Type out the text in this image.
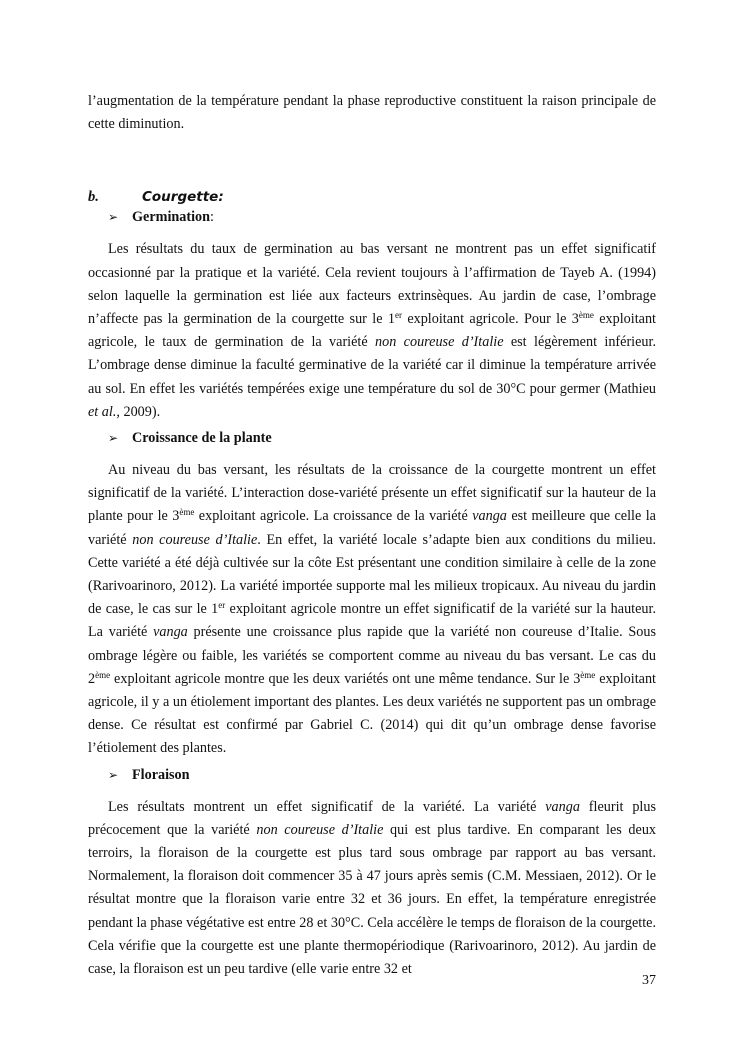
l’augmentation de la température pendant la phase reproductive constituent la raison principale de cette diminution.

b.	Courgette:
➢ Germination :

Les résultats du taux de germination au bas versant ne montrent pas un effet significatif occasionné par la pratique et la variété. Cela revient toujours à l’affirmation de Tayeb A. (1994) selon laquelle la germination est liée aux facteurs extrinsèques. Au jardin de case, l’ombrage n’affecte pas la germination de la courgette sur le 1er exploitant agricole. Pour le 3ème exploitant agricole, le taux de germination de la variété non coureuse d’Italie est légèrement inférieur. L’ombrage dense diminue la faculté germinative de la variété car il diminue la température arrivée au sol. En effet les variétés tempérées exige une température du sol de 30°C pour germer (Mathieu et al., 2009).

➢ Croissance de la plante

Au niveau du bas versant, les résultats de la croissance de la courgette montrent un effet significatif de la variété. L’interaction dose-variété présente un effet significatif sur la hauteur de la plante pour le 3ème exploitant agricole. La croissance de la variété vanga est meilleure que celle la variété non coureuse d’Italie. En effet, la variété locale s’adapte bien aux conditions du milieu. Cette variété a été déjà cultivée sur la côte Est présentant une condition similaire à celle de la zone (Rarivoarinoro, 2012). La variété importée supporte mal les milieux tropicaux. Au niveau du jardin de case, le cas sur le 1er exploitant agricole montre un effet significatif de la variété sur la hauteur. La variété vanga présente une croissance plus rapide que la variété non coureuse d’Italie. Sous ombrage légère ou faible, les variétés se comportent comme au niveau du bas versant. Le cas du 2ème exploitant agricole montre que les deux variétés ont une même tendance. Sur le 3ème exploitant agricole, il y a un étiolement important des plantes. Les deux variétés ne supportent pas un ombrage dense. Ce résultat est confirmé par Gabriel C. (2014) qui dit qu’un ombrage dense favorise l’étiolement des plantes.

➢ Floraison

Les résultats montrent un effet significatif de la variété. La variété vanga fleurit plus précocement que la variété non coureuse d’Italie qui est plus tardive. En comparant les deux terroirs, la floraison de la courgette est plus tard sous ombrage par rapport au bas versant. Normalement, la floraison doit commencer 35 à 47 jours après semis (C.M. Messiaen, 2012). Or le résultat montre que la floraison varie entre 32 et 36 jours. En effet, la température enregistrée pendant la phase végétative est entre 28 et 30°C. Cela accélère le temps de floraison de la courgette. Cela vérifie que la courgette est une plante thermopériodique (Rarivoarinoro, 2012). Au jardin de case, la floraison est un peu tardive (elle varie entre 32 et

37
